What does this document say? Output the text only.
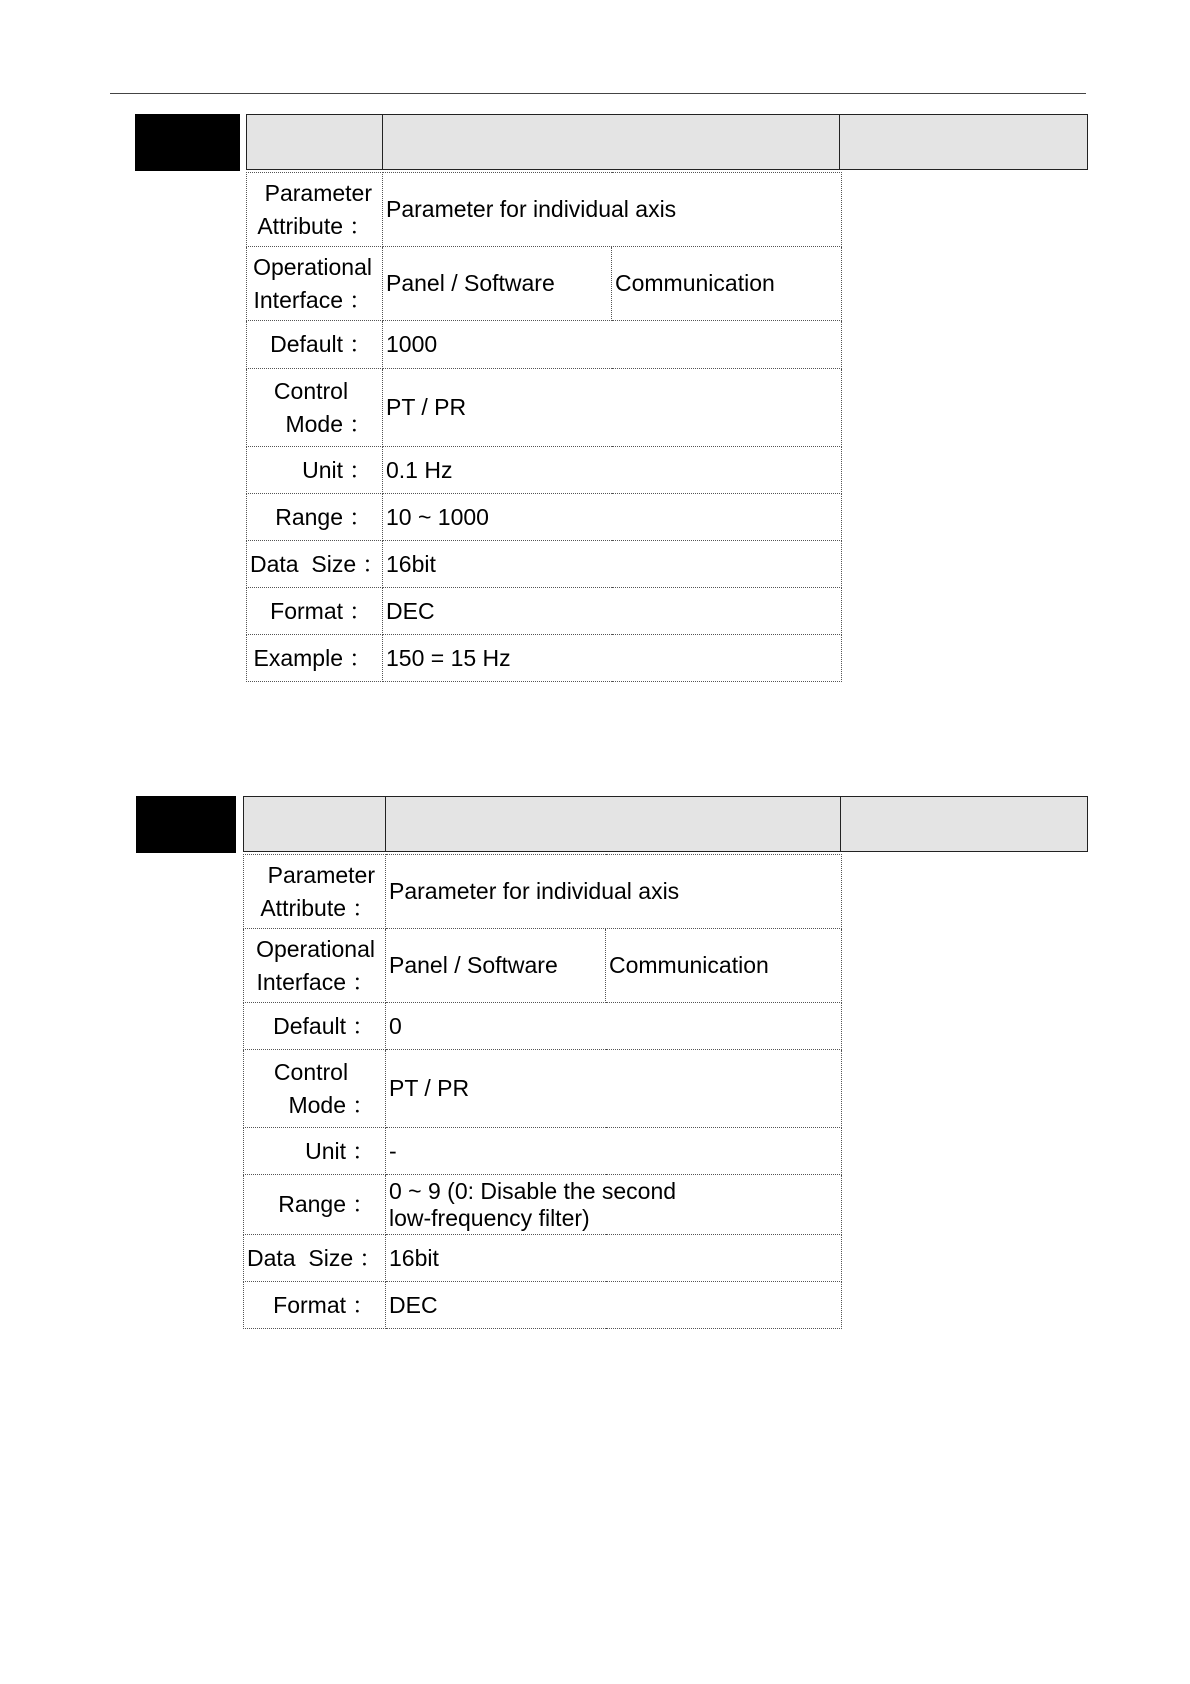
Parameter
Attribute ：	Parameter for individual axis	

Operational
Interface ：	Panel / Software	Communication
Default ：	1000	

Control
Mode ：	PT / PR	
Unit ：	0.1 Hz	
Range ：	10 ~ 1000	
Data  Size ：	16bit	
Format ：	DEC	
Example ：	150 = 15 Hz	
Parameter
Attribute ：	Parameter for individual axis	

Operational
Interface ：	Panel / Software	Communication
Default ：	0	

Control
Mode ：	PT / PR	
Unit ：	-	
Range ：	0 ~ 9 (0: Disable the second low-frequency filter)	
Data  Size ：	16bit	
Format ：	DEC	
